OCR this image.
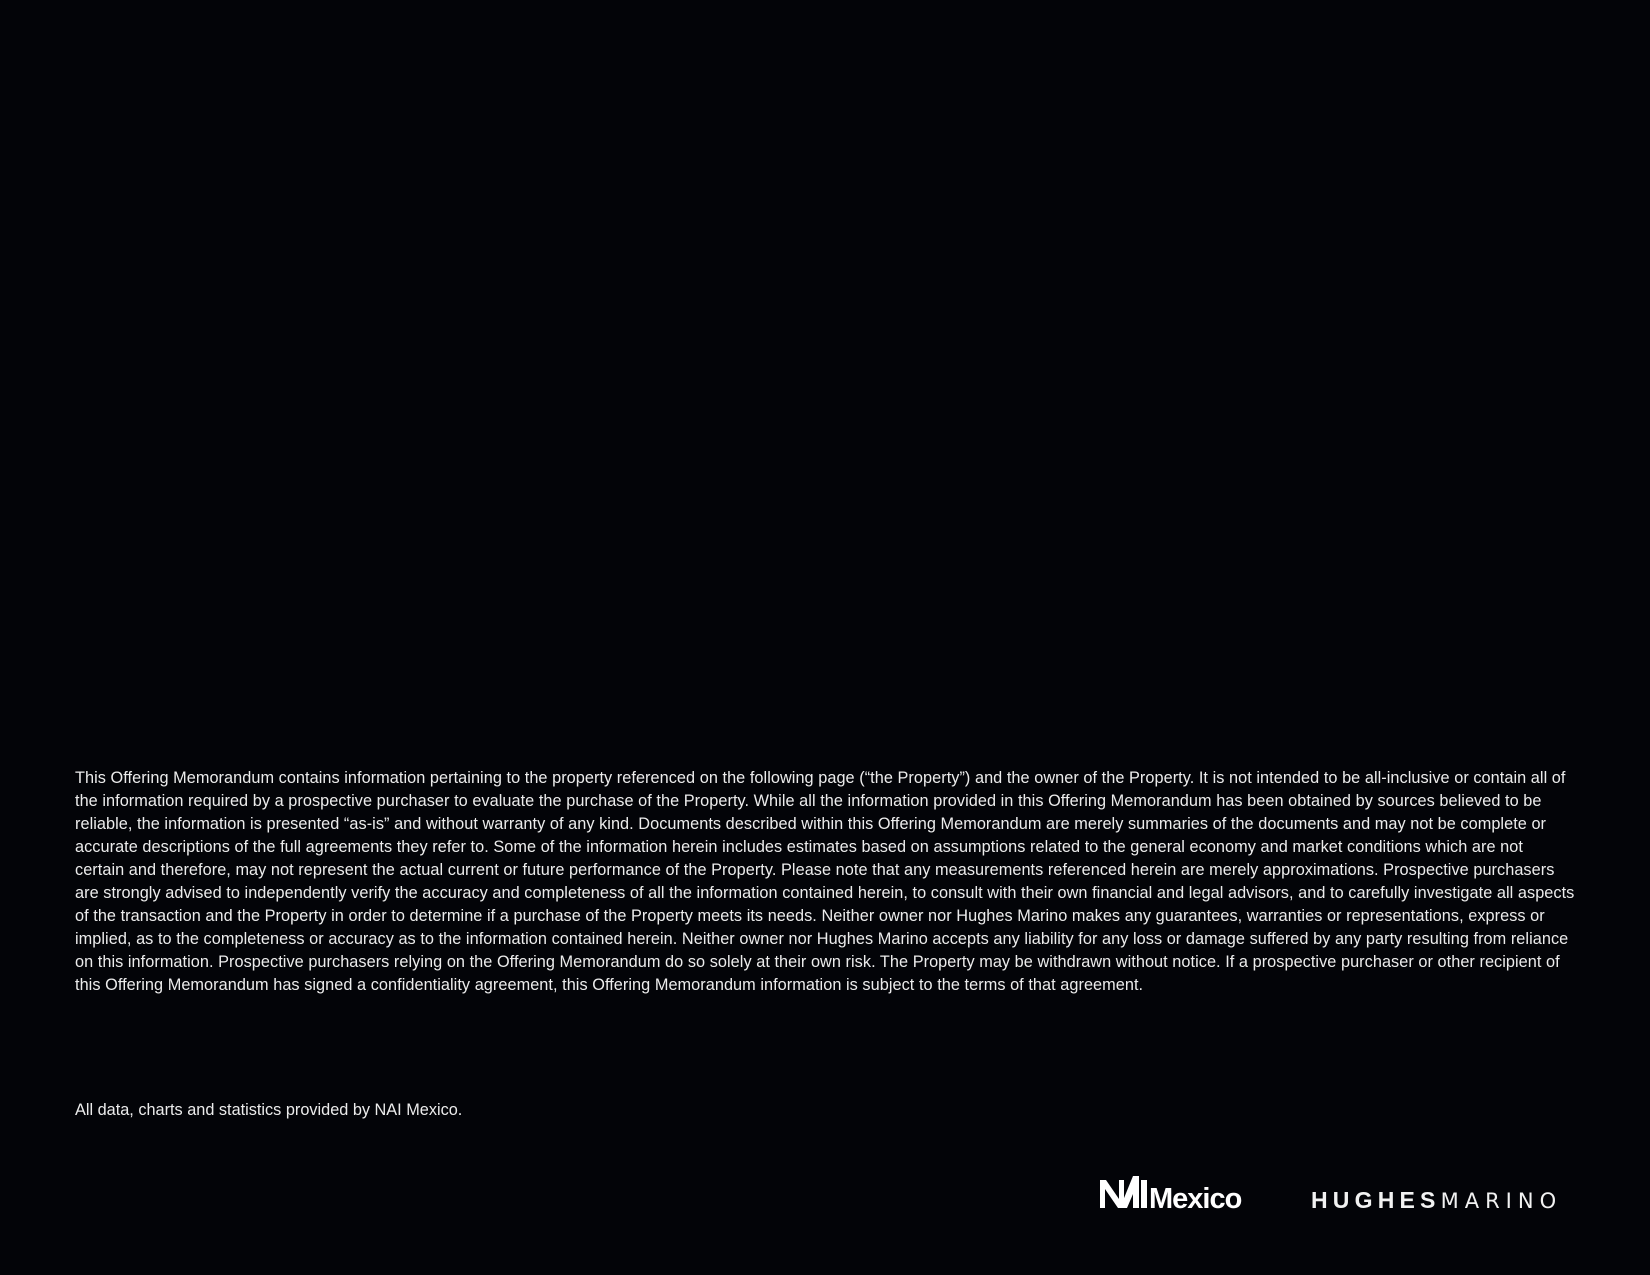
This Offering Memorandum contains information pertaining to the property referenced on the following page (“the Property”) and the owner of the Property. It is not intended to be all-inclusive or contain all of the information required by a prospective purchaser to evaluate the purchase of the Property. While all the information provided in this Offering Memorandum has been obtained by sources believed to be reliable, the information is presented “as-is” and without warranty of any kind. Documents described within this Offering Memorandum are merely summaries of the documents and may not be complete or accurate descriptions of the full agreements they refer to. Some of the information herein includes estimates based on assumptions related to the general economy and market conditions which are not certain and therefore, may not represent the actual current or future performance of the Property. Please note that any measurements referenced herein are merely approximations. Prospective purchasers are strongly advised to independently verify the accuracy and completeness of all the information contained herein, to consult with their own financial and legal advisors, and to carefully investigate all aspects of the transaction and the Property in order to determine if a purchase of the Property meets its needs. Neither owner nor Hughes Marino makes any guarantees, warranties or representations, express or implied, as to the completeness or accuracy as to the information contained herein. Neither owner nor Hughes Marino accepts any liability for any loss or damage suffered by any party resulting from reliance on this information. Prospective purchasers relying on the Offering Memorandum do so solely at their own risk. The Property may be withdrawn without notice. If a prospective purchaser or other recipient of this Offering Memorandum has signed a confidentiality agreement, this Offering Memorandum information is subject to the terms of that agreement.

All data, charts and statistics provided by NAI Mexico.

Mexico	HUGHESMARINO
